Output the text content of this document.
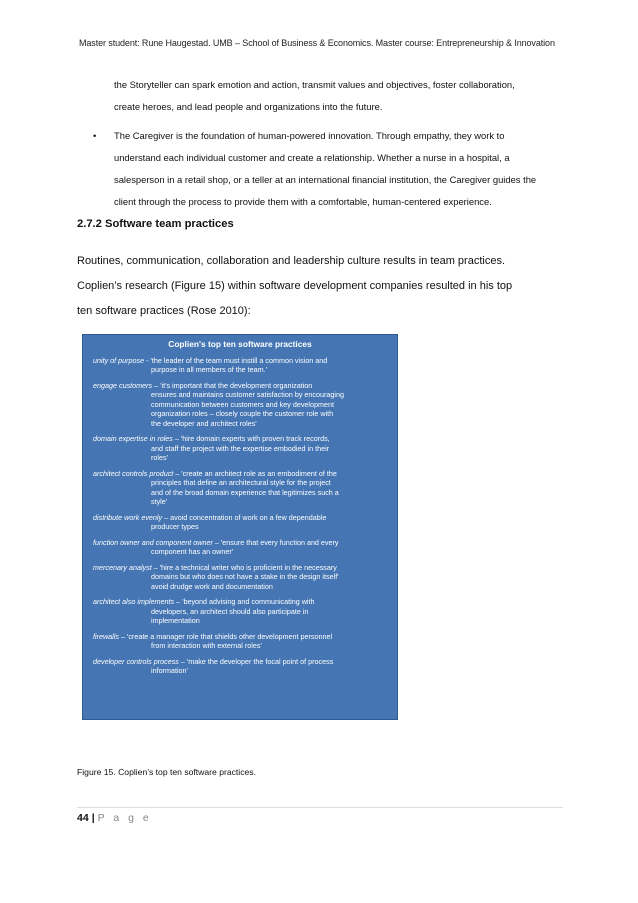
Master student: Rune Haugestad. UMB – School of Business & Economics. Master course: Entrepreneurship & Innovation
the Storyteller can spark emotion and action, transmit values and objectives, foster collaboration,
create heroes, and lead people and organizations into the future.
•	The Caregiver is the foundation of human-powered innovation. Through empathy, they work to
understand each individual customer and create a relationship. Whether a nurse in a hospital, a
salesperson in a retail shop, or a teller at an international financial institution, the Caregiver guides the
client through the process to provide them with a comfortable, human-centered experience.
2.7.2 Software team practices
Routines, communication, collaboration and leadership culture results in team practices.
Coplien’s research (Figure 15) within software development companies resulted in his top
ten software practices (Rose 2010):
Coplien's top ten software practices
unity of purpose - 'the leader of the team must instill a common vision and
purpose in all members of the team.'
engage customers – 'it's important that the development organization
ensures and maintains customer satisfaction by encouraging
communication between customers and key development
organization roles – closely couple the customer role with
the developer and architect roles'
domain expertise in roles – 'hire domain experts with proven track records,
and staff the project with the expertise embodied in their
roles'
architect controls product – 'create an architect role as an embodiment of the
principles that define an architectural style for the project
and of the broad domain experience that legitimizes such a
style'
distribute work evenly – avoid concentration of work on a few dependable
producer types
function owner and component owner – 'ensure that every function and every
component has an owner'
mercenary analyst – 'hire a technical writer who is proficient in the necessary
domains but who does not have a stake in the design itself'
avoid drudge work and documentation
architect also implements – 'beyond advising and communicating with
developers, an architect should also participate in
implementation
firewalls – 'create a manager role that shields other development personnel
from interaction with external roles'
developer controls process – 'make the developer the focal point of process
information'
Figure 15. Coplien’s top ten software practices.
44 | P a g e
